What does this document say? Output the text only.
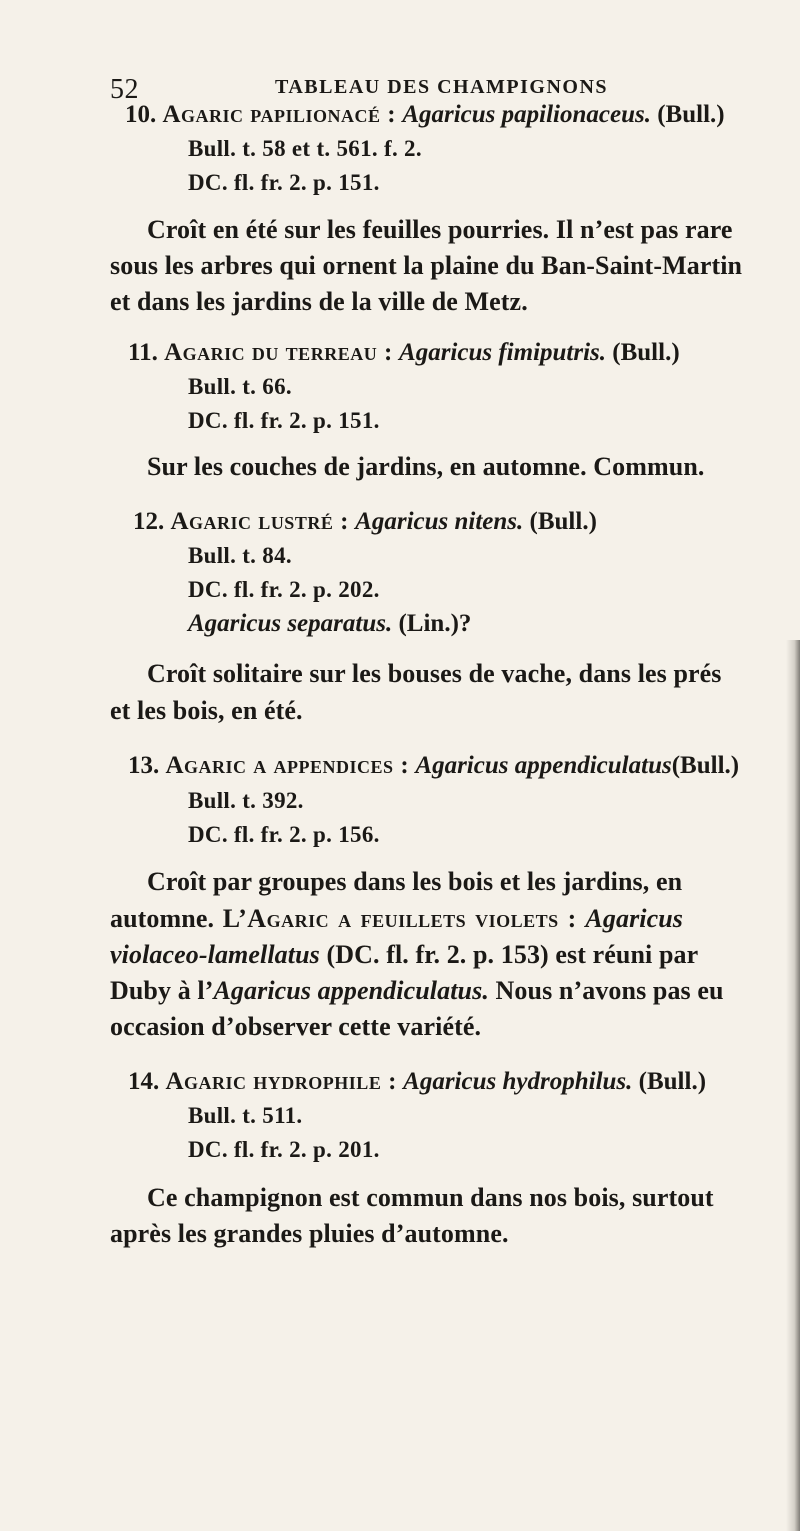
52	TABLEAU DES CHAMPIGNONS
10. Agaric papilionacé : Agaricus papilionaceus. (Bull.)
Bull. t. 58 et t. 561. f. 2.
DC. fl. fr. 2. p. 151.
Croît en été sur les feuilles pourries. Il n’est pas rare
sous les arbres qui ornent la plaine du Ban-Saint-Martin
et dans les jardins de la ville de Metz.
11. Agaric du terreau : Agaricus fimiputris. (Bull.)
Bull. t. 66.
DC. fl. fr. 2. p. 151.
Sur les couches de jardins, en automne. Commun.
12. Agaric lustré : Agaricus nitens. (Bull.)
Bull. t. 84.
DC. fl. fr. 2. p. 202.
Agaricus separatus. (Lin.)?
Croît solitaire sur les bouses de vache, dans les prés
et les bois, en été.
13. Agaric a appendices : Agaricus appendiculatus(Bull.)
Bull. t. 392.
DC. fl. fr. 2. p. 156.
Croît par groupes dans les bois et les jardins, en
automne. L’Agaric a feuillets violets : Agaricus
violaceo-lamellatus (DC. fl. fr. 2. p. 153) est réuni par
Duby à l’Agaricus appendiculatus. Nous n’avons pas eu
occasion d’observer cette variété.
14. Agaric hydrophile : Agaricus hydrophilus. (Bull.)
Bull. t. 511.
DC. fl. fr. 2. p. 201.
Ce champignon est commun dans nos bois, surtout
après les grandes pluies d’automne.
